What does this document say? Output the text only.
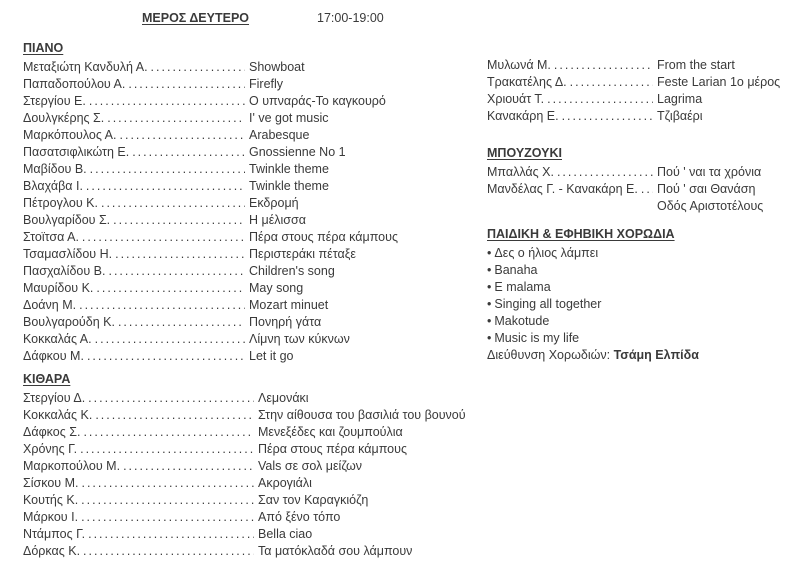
ΜΕΡΟΣ ΔΕΥΤΕΡΟ	17:00-19:00
ΠΙΑΝΟ
Μεταξιώτη Κανδυλή Α. .....	Showboat
Παπαδοπούλου Α. .....	Firefly
Στεργίου Ε. .....	Ο υπναράς-Το καγκουρό
Δουλγκέρης Σ. .....	I' ve got music
Μαρκόπουλος Α. .....	Arabesque
Πασατσιφλικώτη Ε. .....	Gnossienne No 1
Μαβίδου Β. .....	Twinkle theme
Βλαχάβα Ι. .....	Twinkle theme
Πέτρογλου Κ. .....	Εκδρομή
Βουλγαρίδου Σ. .....	Η μέλισσα
Στοϊτσα Α. .....	Πέρα στους πέρα κάμπους
Τσαμασλίδου Η. .....	Περιστεράκι πέταξε
Πασχαλίδου Β. .....	Children's song
Μαυρίδου Κ. .....	May song
Δοάνη Μ. .....	Mozart minuet
Βουλγαρούδη Κ. .....	Πονηρή γάτα
Κοκκαλάς Α. .....	Λίμνη των κύκνων
Δάφκου Μ. .....	Let it go
ΚΙΘΑΡΑ
Στεργίου Δ. .....	Λεμονάκι
Κοκκαλάς Κ. .....	Στην αίθουσα του βασιλιά του βουνού
Δάφκος Σ. .....	Μενεξέδες και ζουμπούλια
Χρόνης Γ. .....	Πέρα στους πέρα κάμπους
Μαρκοπούλου Μ. .....	Vals σε σολ μείζων
Σίσκου Μ. .....	Ακρογιάλι
Κουτής Κ. .....	Σαν τον Καραγκιόζη
Μάρκου Ι. .....	Από ξένο τόπο
Ντάμπος Γ. .....	Bella ciao
Δόρκας Κ. .....	Τα ματόκλαδά σου λάμπουν
Μυλωνά Μ. .....	From the start
Τρακατέλης Δ. .....	Feste Larian 1ο μέρος
Χριουάτ Τ. .....	Lagrima
Κανακάρη Ε. .....	Τζιβαέρι
ΜΠΟΥΖΟΥΚΙ
Μπαλλάς Χ. .....	Πού ' ναι τα χρόνια
Μανδέλας Γ. - Κανακάρη Ε. ..... Πού ' σαι Θανάση
Οδός Αριστοτέλους
ΠΑΙΔΙΚΗ & ΕΦΗΒΙΚΗ ΧΟΡΩΔΙΑ
• Δες ο ήλιος λάμπει
• Banaha
• E malama
• Singing all together
• Makotude
• Music is my life
Διεύθυνση Χορωδιών: Τσάμη Ελπίδα
